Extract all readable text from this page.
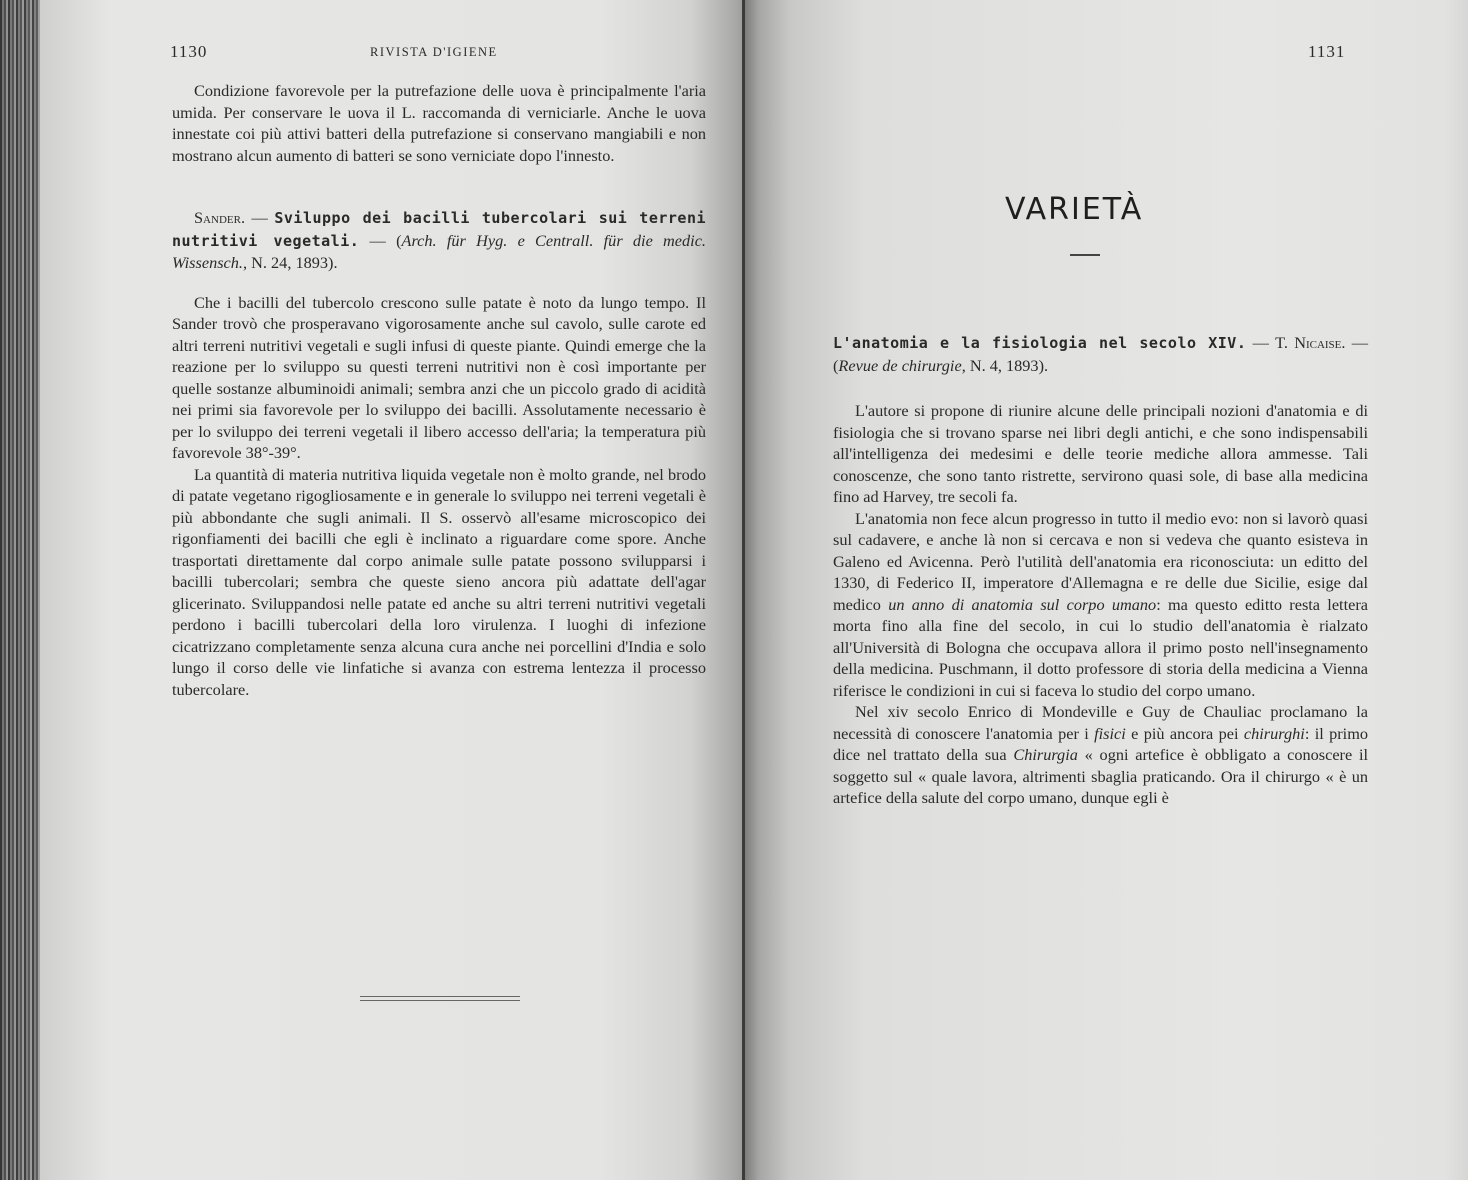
1130	RIVISTA D'IGIENE

Condizione favorevole per la putrefazione delle uova è principalmente l'aria umida. Per conservare le uova il L. raccomanda di verniciarle. Anche le uova innestate coi più attivi batteri della putrefazione si conservano mangiabili e non mostrano alcun aumento di batteri se sono verniciate dopo l'innesto.

Sander. — Sviluppo dei bacilli tubercolari sui terreni nutritivi vegetali. — (Arch. für Hyg. e Centrall. für die medic. Wissensch., N. 24, 1893).

Che i bacilli del tubercolo crescono sulle patate è noto da lungo tempo. Il Sander trovò che prosperavano vigorosamente anche sul cavolo, sulle carote ed altri terreni nutritivi vegetali e sugli infusi di queste piante. Quindi emerge che la reazione per lo sviluppo su questi terreni nutritivi non è così importante per quelle sostanze albuminoidi animali; sembra anzi che un piccolo grado di acidità nei primi sia favorevole per lo sviluppo dei bacilli. Assolutamente necessario è per lo sviluppo dei terreni vegetali il libero accesso dell'aria; la temperatura più favorevole 38°-39°.

La quantità di materia nutritiva liquida vegetale non è molto grande, nel brodo di patate vegetano rigogliosamente e in generale lo sviluppo nei terreni vegetali è più abbondante che sugli animali. Il S. osservò all'esame microscopico dei rigonfiamenti dei bacilli che egli è inclinato a riguardare come spore. Anche trasportati direttamente dal corpo animale sulle patate possono svilupparsi i bacilli tubercolari; sembra che queste sieno ancora più adattate dell'agar glicerinato. Sviluppandosi nelle patate ed anche su altri terreni nutritivi vegetali perdono i bacilli tubercolari della loro virulenza. I luoghi di infezione cicatrizzano completamente senza alcuna cura anche nei porcellini d'India e solo lungo il corso delle vie linfatiche si avanza con estrema lentezza il processo tubercolare.

1131
VARIETÀ

L'anatomia e la fisiologia nel secolo XIV. — T. Nicaise. — (Revue de chirurgie, N. 4, 1893).

L'autore si propone di riunire alcune delle principali nozioni d'anatomia e di fisiologia che si trovano sparse nei libri degli antichi, e che sono indispensabili all'intelligenza dei medesimi e delle teorie mediche allora ammesse. Tali conoscenze, che sono tanto ristrette, servirono quasi sole, di base alla medicina fino ad Harvey, tre secoli fa.

L'anatomia non fece alcun progresso in tutto il medio evo: non si lavorò quasi sul cadavere, e anche là non si cercava e non si vedeva che quanto esisteva in Galeno ed Avicenna. Però l'utilità dell'anatomia era riconosciuta: un editto del 1330, di Federico II, imperatore d'Allemagna e re delle due Sicilie, esige dal medico un anno di anatomia sul corpo umano: ma questo editto resta lettera morta fino alla fine del secolo, in cui lo studio dell'anatomia è rialzato all'Università di Bologna che occupava allora il primo posto nell'insegnamento della medicina. Puschmann, il dotto professore di storia della medicina a Vienna riferisce le condizioni in cui si faceva lo studio del corpo umano.

Nel xiv secolo Enrico di Mondeville e Guy de Chauliac proclamano la necessità di conoscere l'anatomia per i fisici e più ancora pei chirurghi: il primo dice nel trattato della sua Chirurgia « ogni artefice è obbligato a conoscere il soggetto sul « quale lavora, altrimenti sbaglia praticando. Ora il chirurgo « è un artefice della salute del corpo umano, dunque egli è
